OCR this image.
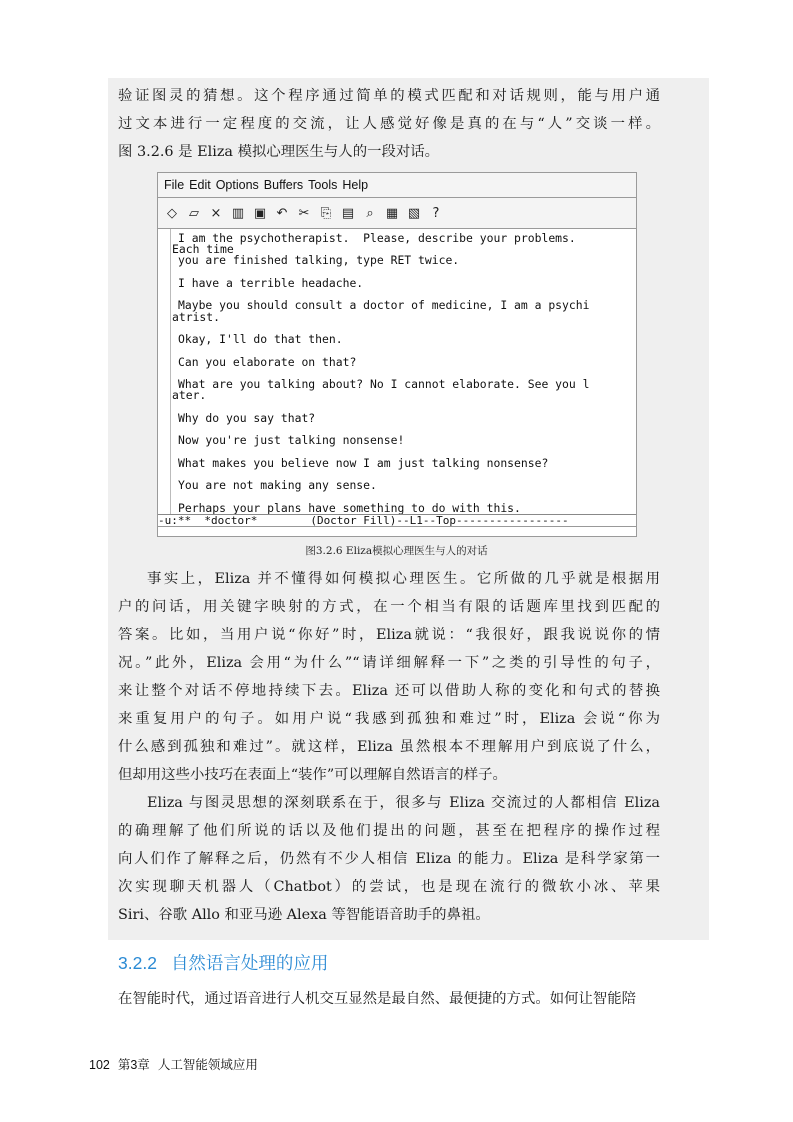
验证图灵的猜想。这个程序通过简单的模式匹配和对话规则，能与用户通
过文本进行一定程度的交流，让人感觉好像是真的在与“人”交谈一样。
图 3.2.6 是 Eliza 模拟心理医生与人的一段对话。

File Edit Options Buffers Tools Help
◇ ▱ × ▥ ▣ ↶ ✂ ⎘ ▤ ⌕ ▦ ▧ ?
I am the psychotherapist.  Please, describe your problems.
Each time
you are finished talking, type RET twice.
I have a terrible headache.
Maybe you should consult a doctor of medicine, I am a psychi
atrist.
Okay, I'll do that then.
Can you elaborate on that?
What are you talking about? No I cannot elaborate. See you l
ater.
Why do you say that?
Now you're just talking nonsense!
What makes you believe now I am just talking nonsense?
You are not making any sense.
Perhaps your plans have something to do with this.
-u:**  *doctor*        (Doctor Fill)--L1--Top-----------------
图3.2.6 Eliza模拟心理医生与人的对话

事实上，Eliza 并不懂得如何模拟心理医生。它所做的几乎就是根据用
户的问话，用关键字映射的方式，在一个相当有限的话题库里找到匹配的
答案。比如，当用户说“你好”时，Eliza就说：“我很好，跟我说说你的情
况。”此外，Eliza 会用“为什么”“请详细解释一下”之类的引导性的句子，
来让整个对话不停地持续下去。Eliza 还可以借助人称的变化和句式的替换
来重复用户的句子。如用户说“我感到孤独和难过”时，Eliza 会说“你为
什么感到孤独和难过”。就这样，Eliza 虽然根本不理解用户到底说了什么，
但却用这些小技巧在表面上“装作”可以理解自然语言的样子。

Eliza 与图灵思想的深刻联系在于，很多与 Eliza 交流过的人都相信 Eliza
的确理解了他们所说的话以及他们提出的问题，甚至在把程序的操作过程
向人们作了解释之后，仍然有不少人相信 Eliza 的能力。Eliza 是科学家第一
次实现聊天机器人（Chatbot）的尝试，也是现在流行的微软小冰、苹果
Siri、谷歌 Allo 和亚马逊 Alexa 等智能语音助手的鼻祖。

3.2.2 自然语言处理的应用

在智能时代，通过语音进行人机交互显然是最自然、最便捷的方式。如何让智能陪

102 第3章 人工智能领域应用
